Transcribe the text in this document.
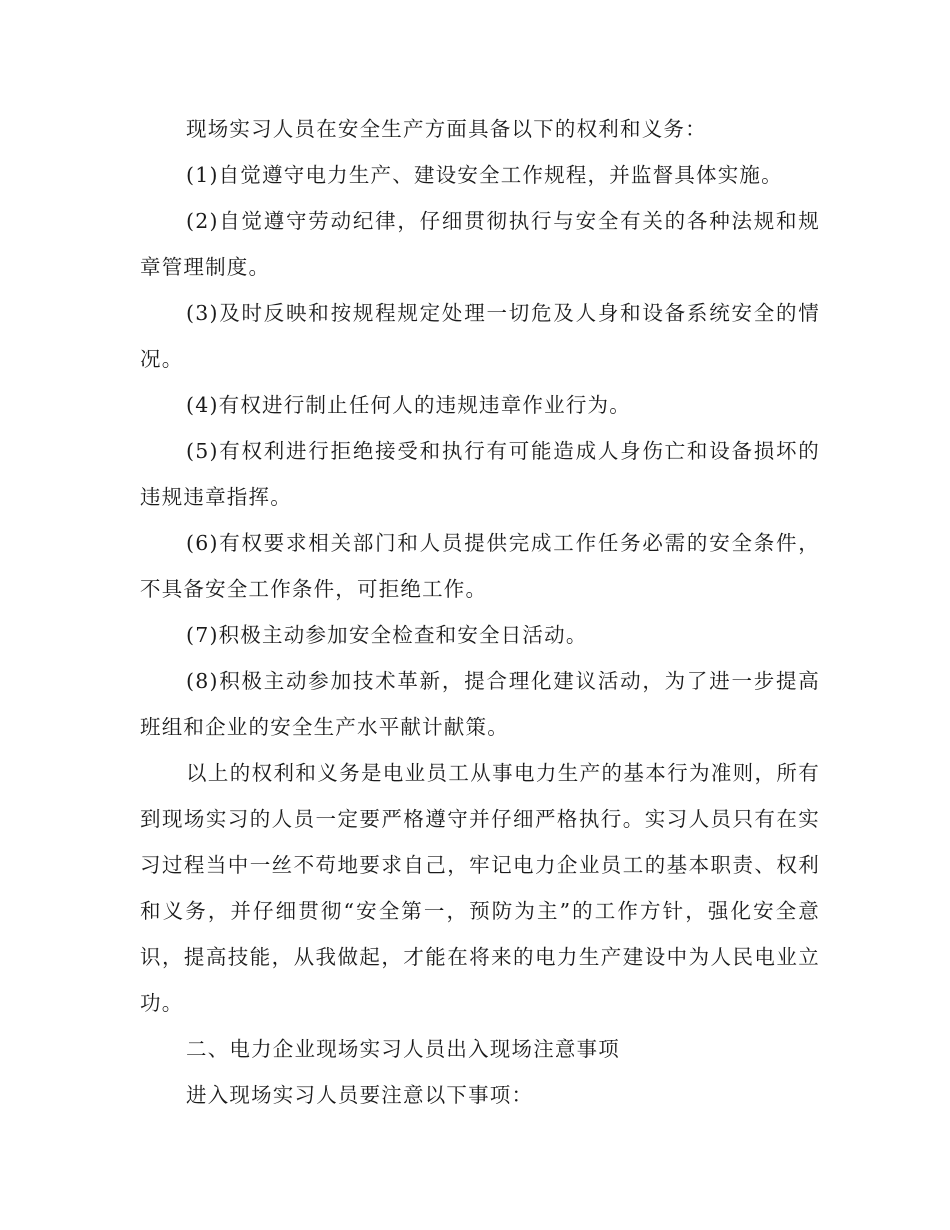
现场实习人员在安全生产方面具备以下的权利和义务：

(1)自觉遵守电力生产、建设安全工作规程，并监督具体实施。

(2)自觉遵守劳动纪律，仔细贯彻执行与安全有关的各种法规和规章管理制度。

(3)及时反映和按规程规定处理一切危及人身和设备系统安全的情况。

(4)有权进行制止任何人的违规违章作业行为。

(5)有权利进行拒绝接受和执行有可能造成人身伤亡和设备损坏的违规违章指挥。

(6)有权要求相关部门和人员提供完成工作任务必需的安全条件，不具备安全工作条件，可拒绝工作。

(7)积极主动参加安全检查和安全日活动。

(8)积极主动参加技术革新，提合理化建议活动，为了进一步提高班组和企业的安全生产水平献计献策。

以上的权利和义务是电业员工从事电力生产的基本行为准则，所有到现场实习的人员一定要严格遵守并仔细严格执行。实习人员只有在实习过程当中一丝不苟地要求自己，牢记电力企业员工的基本职责、权利和义务，并仔细贯彻“安全第一，预防为主”的工作方针，强化安全意识，提高技能，从我做起，才能在将来的电力生产建设中为人民电业立功。

二、电力企业现场实习人员出入现场注意事项

进入现场实习人员要注意以下事项：
